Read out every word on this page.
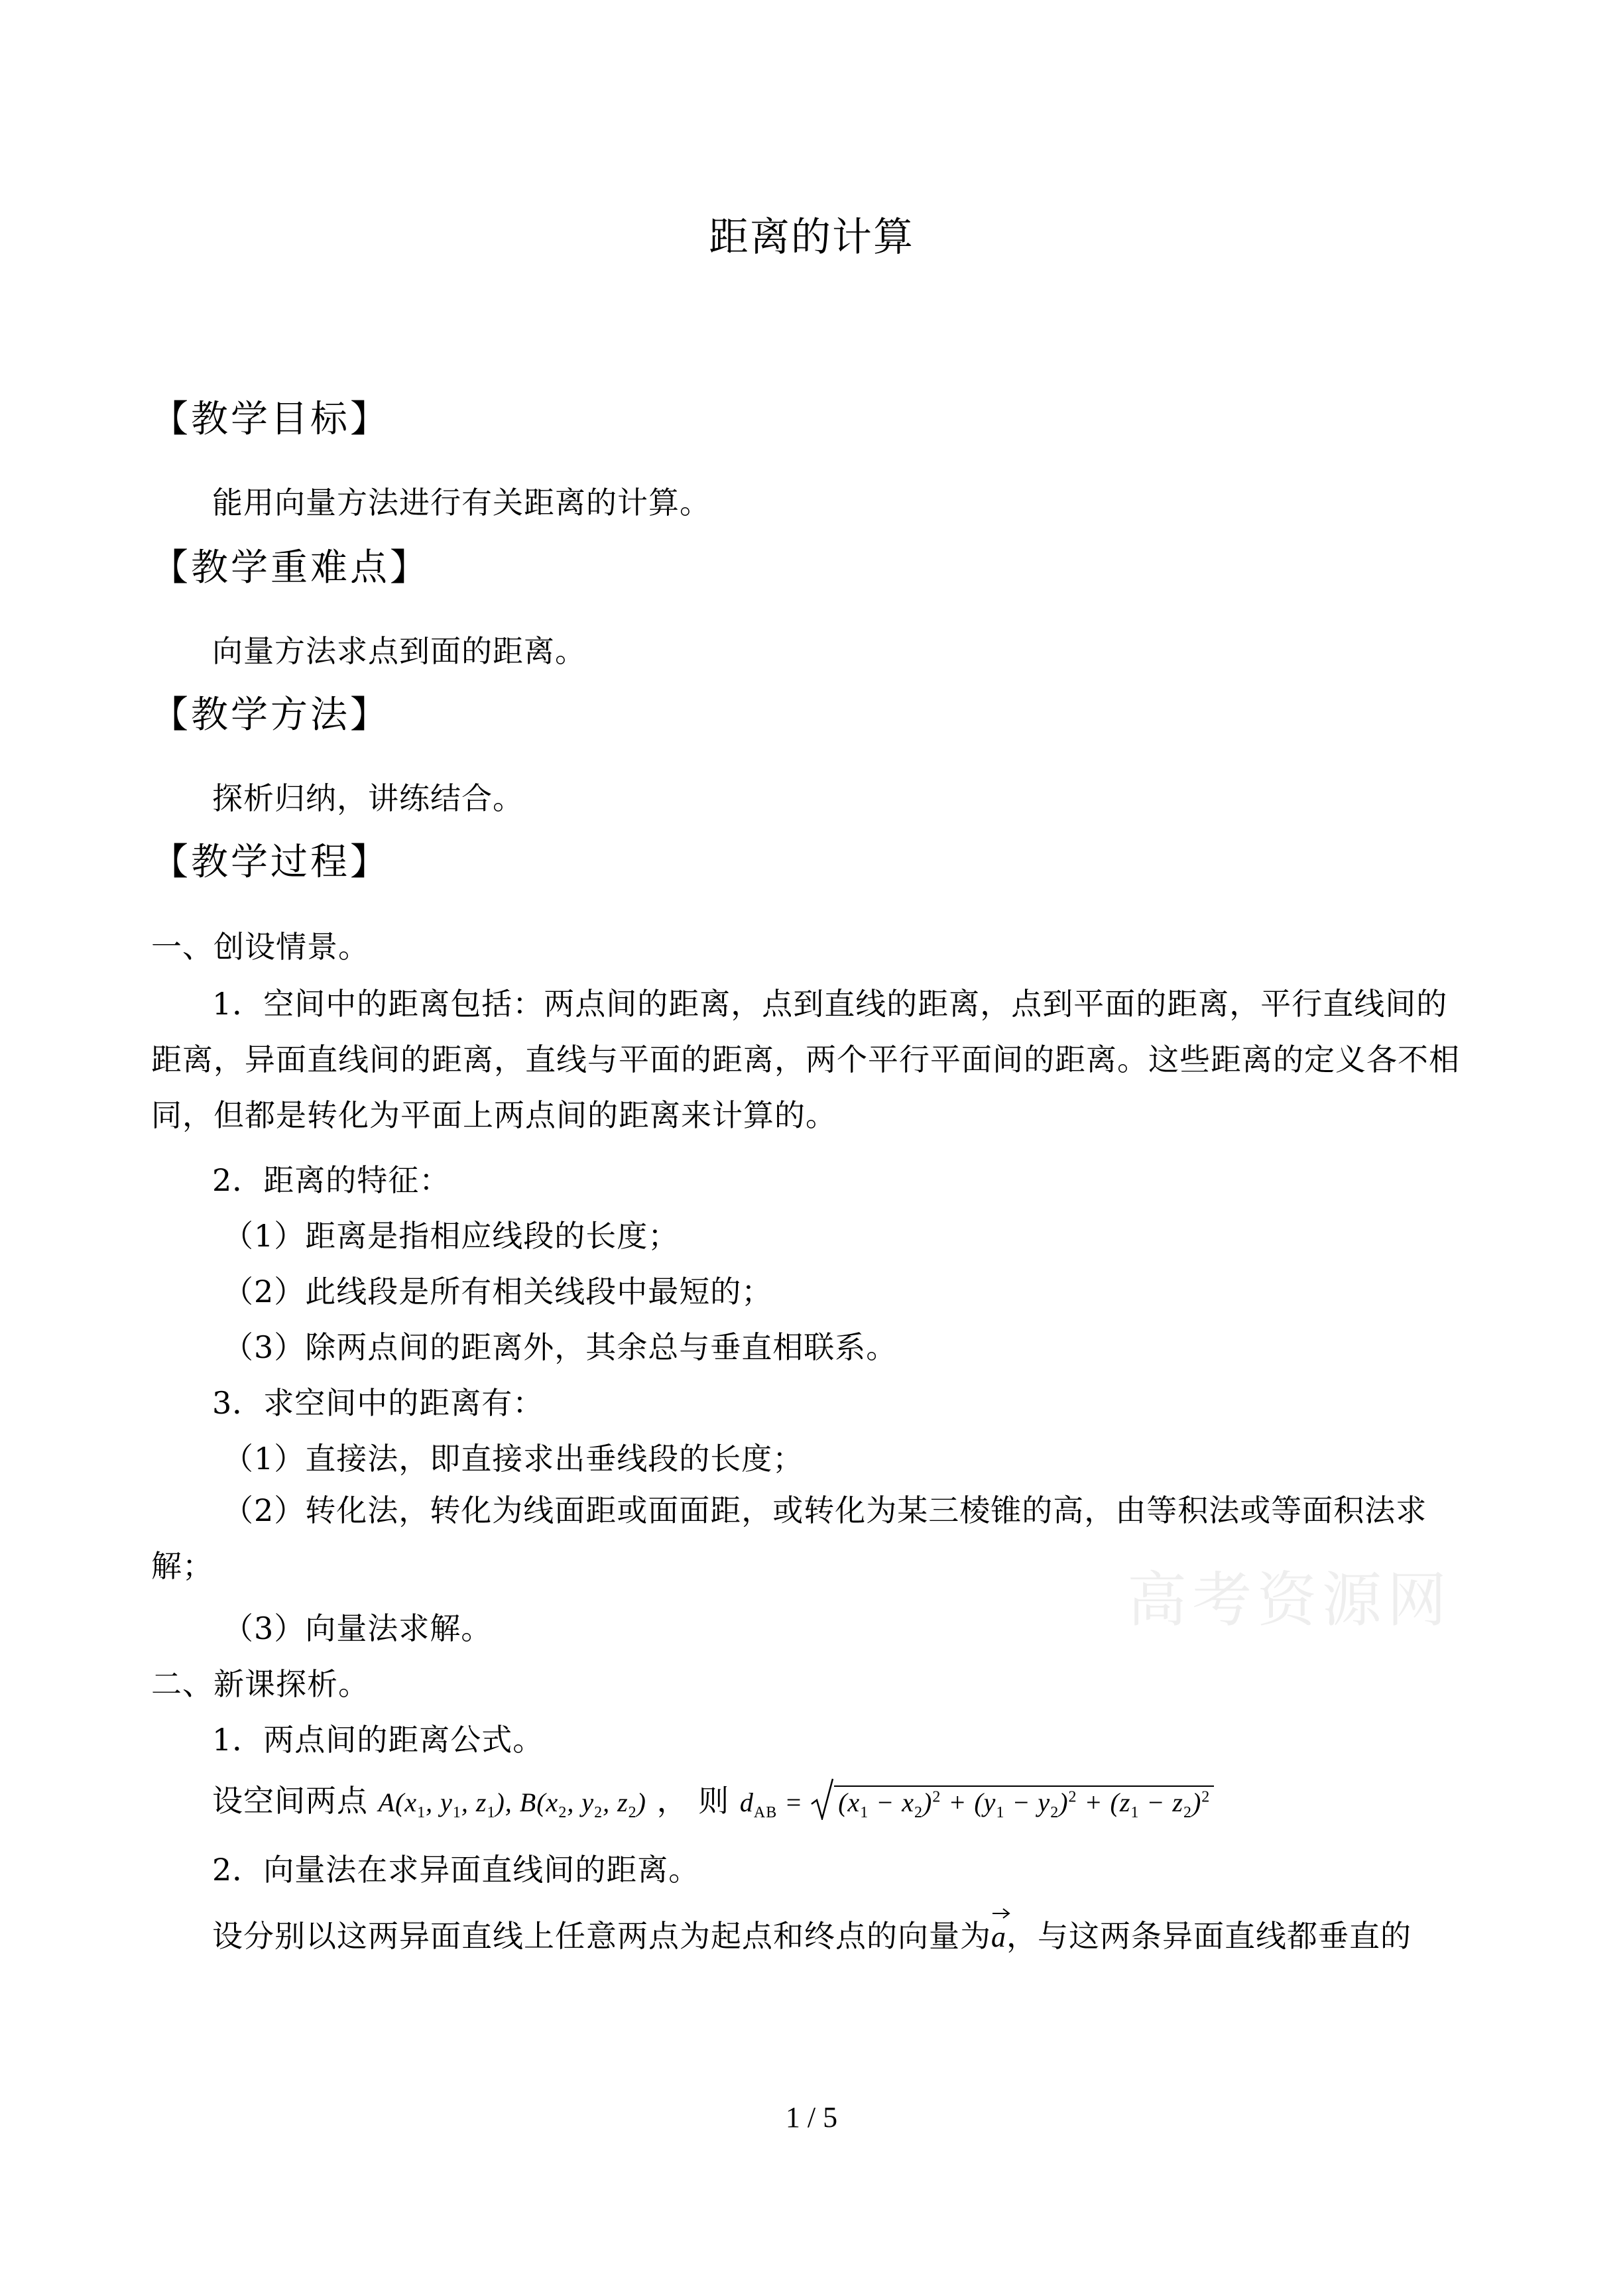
距离的计算
【教学目标】
能用向量方法进行有关距离的计算。
【教学重难点】
向量方法求点到面的距离。
【教学方法】
探析归纳，讲练结合。
【教学过程】
一、创设情景。
1．空间中的距离包括：两点间的距离，点到直线的距离，点到平面的距离，平行直线间的距离，异面直线间的距离，直线与平面的距离，两个平行平面间的距离。这些距离的定义各不相同，但都是转化为平面上两点间的距离来计算的。
2．距离的特征：
（1）距离是指相应线段的长度；
（2）此线段是所有相关线段中最短的；
（3）除两点间的距离外，其余总与垂直相联系。
3．求空间中的距离有：
（1）直接法，即直接求出垂线段的长度；
（2）转化法，转化为线面距或面面距，或转化为某三棱锥的高，由等积法或等面积法求解；
（3）向量法求解。
二、新课探析。
1．两点间的距离公式。
设空间两点 $A(x_1$, $y_1$, $z_1$), $B(x_2$, $y_2$, $z_2$) ， 则 $d_{AB}$ =
$(x_1 - x_2)^2 + (y_1 - y_2)^2 + (z_1 - z_2)^2$
2．向量法在求异面直线间的距离。
设分别以这两异面直线上任意两点为起点和终点的向量为
a，与这两条异面直线都垂直的
高考资源网
1 / 5
